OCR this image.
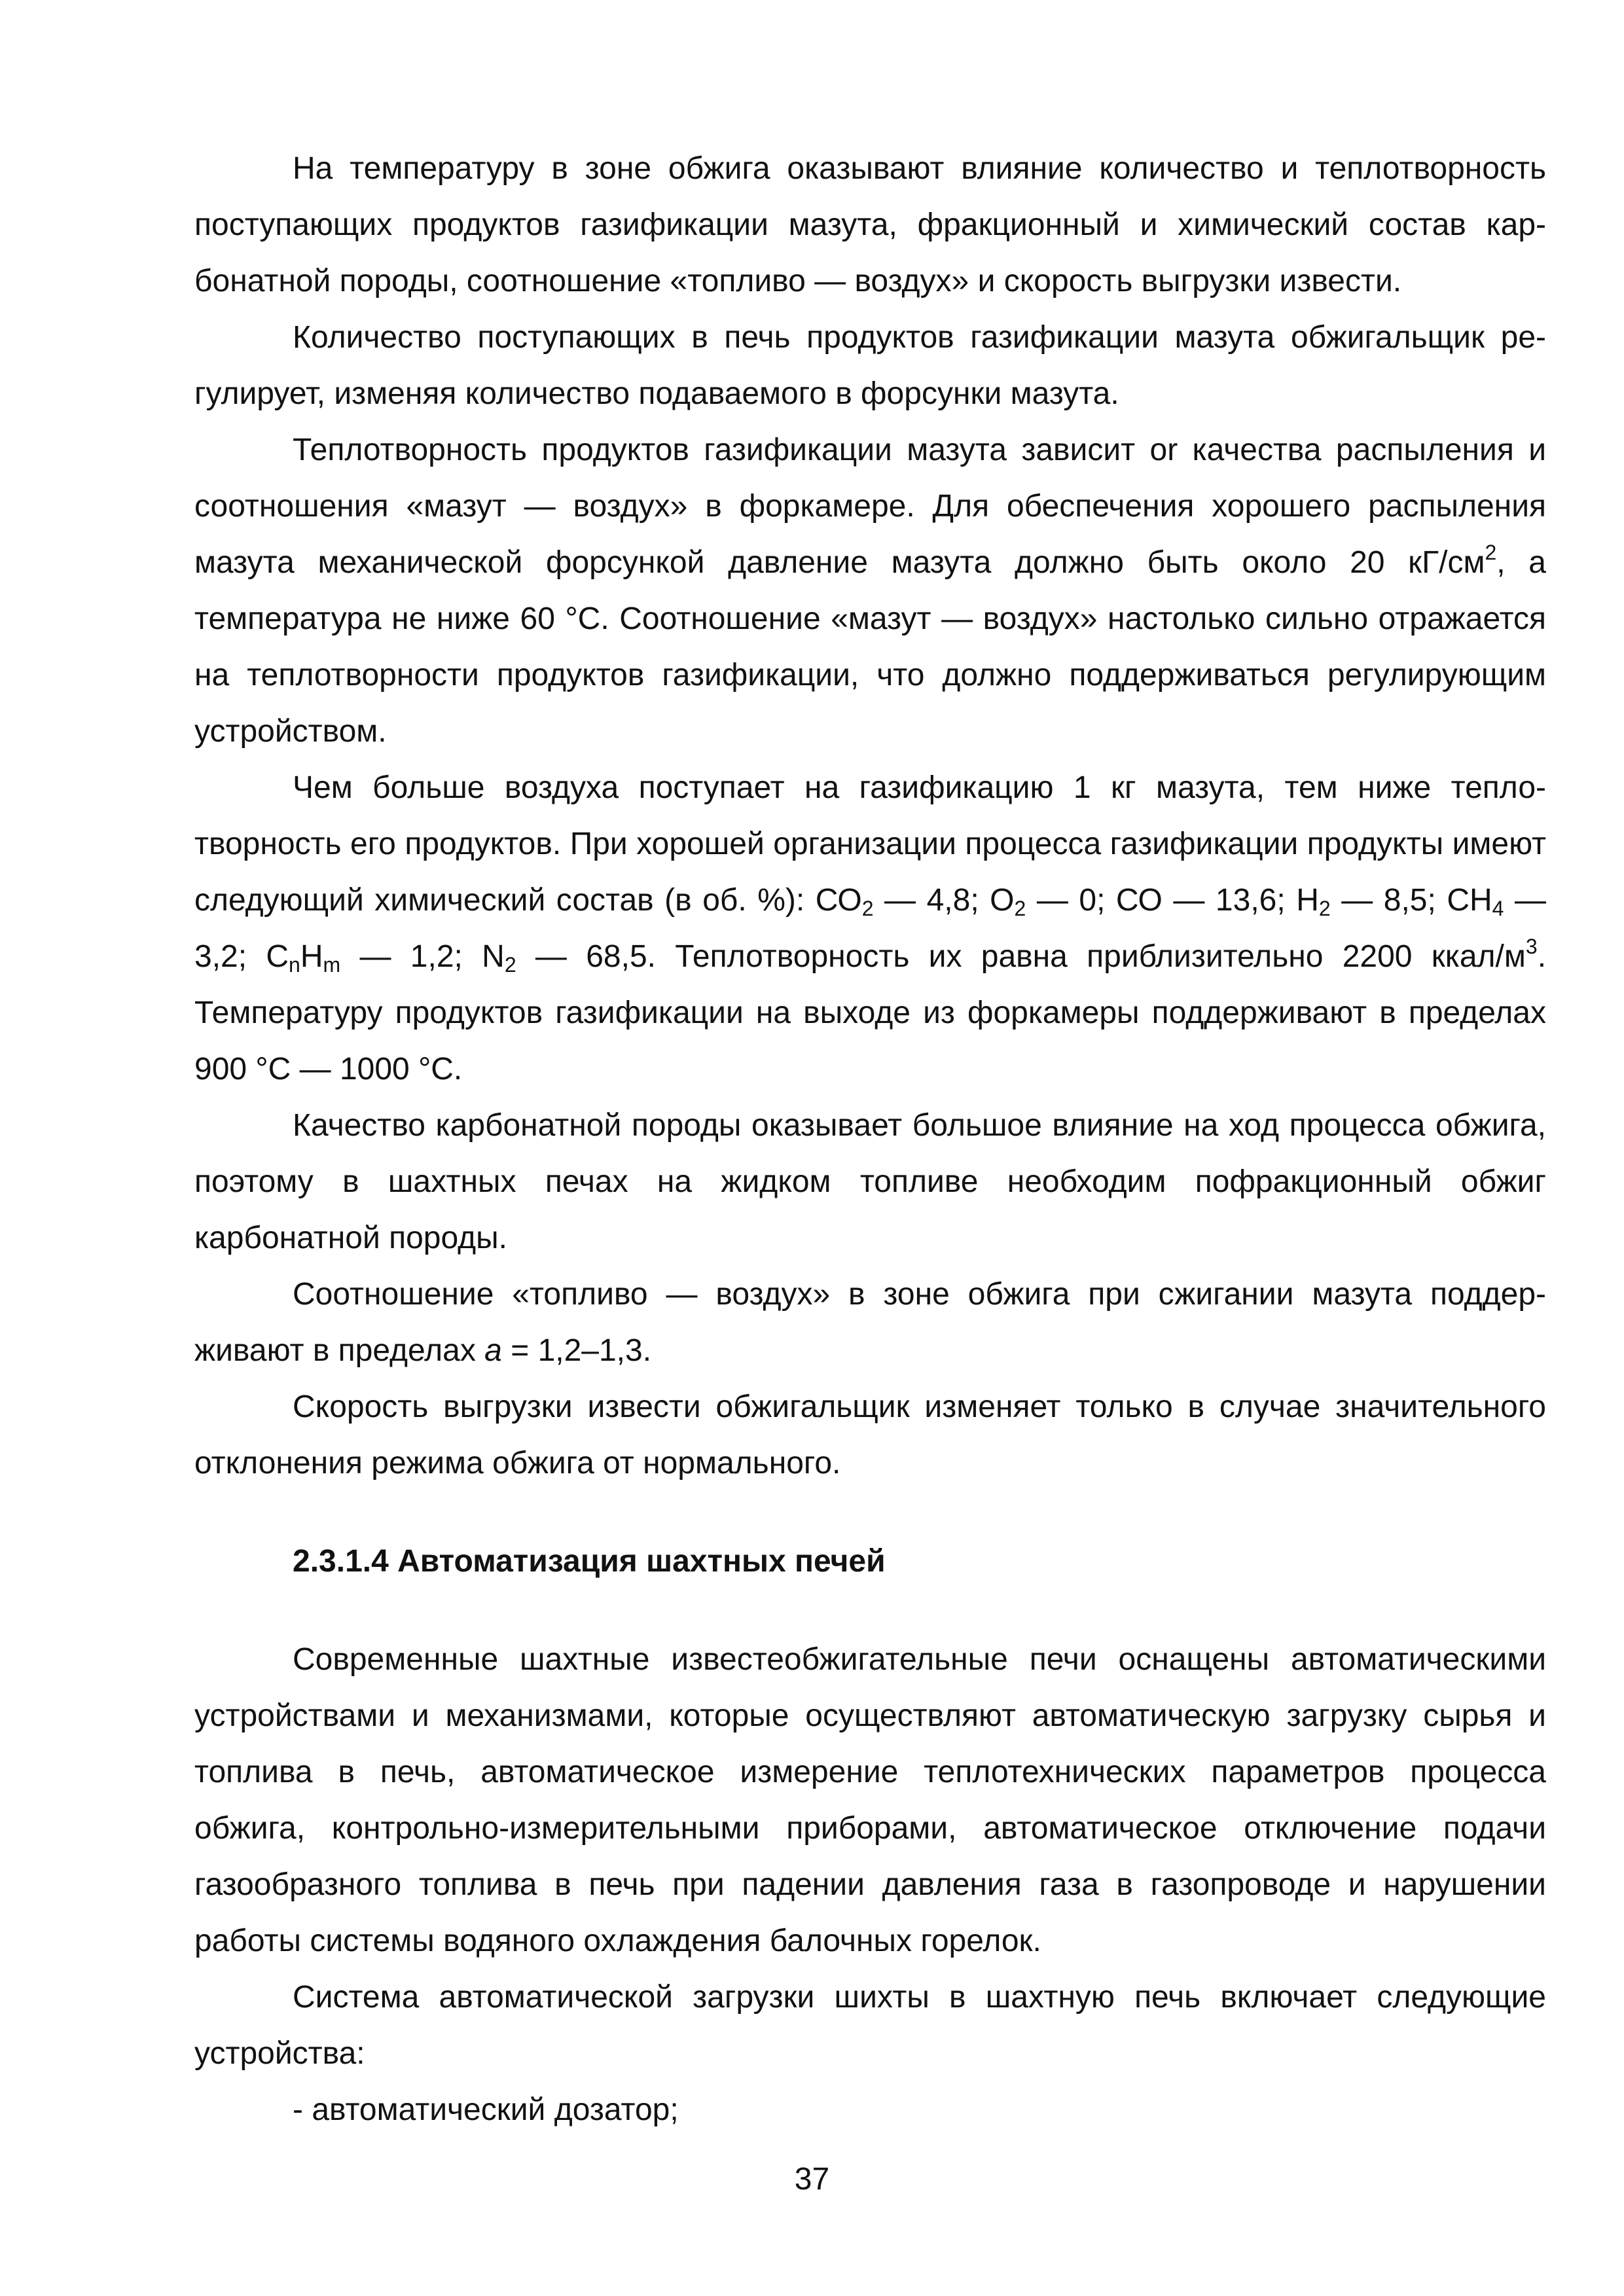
На температуру в зоне обжига оказывают влияние количество и теплотворность поступающих продуктов газификации мазута, фракционный и химический состав карбонатной породы, соотношение «топливо — воздух» и скорость выгрузки извести.

Количество поступающих в печь продуктов газификации мазута обжигальщик регулирует, изменяя количество подаваемого в форсунки мазута.

Теплотворность продуктов газификации мазута зависит or качества распыления и соотношения «мазут — воздух» в форкамере. Для обеспечения хорошего распыления мазута механической форсункой давление мазута должно быть около 20 $кГ/см^2$, а температура не ниже 60 °С. Соотношение «мазут — воздух» настолько сильно отражается на теплотворности продуктов газификации, что должно поддерживаться регулирующим устройством.

Чем больше воздуха поступает на газификацию 1 кг мазута, тем ниже теплотворность его продуктов. При хорошей организации процесса газификации продукты имеют следующий химический состав (в об. %): $СО_2$ — 4,8; $О_2$ — 0; СО — 13,6; $Н_2$ — 8,5; $СН_4$ — 3,2; $С_nН_m$ — 1,2; $N_2$ — 68,5. Теплотворность их равна приблизительно 2200 ккал/$м^3$. Температуру продуктов газификации на выходе из форкамеры поддерживают в пределах 900 °С — 1000 °С.

Качество карбонатной породы оказывает большое влияние на ход процесса обжига, поэтому в шахтных печах на жидком топливе необходим пофракционный обжиг карбонатной породы.

Соотношение «топливо — воздух» в зоне обжига при сжигании мазута поддерживают в пределах а = 1,2–1,3.

Скорость выгрузки извести обжигальщик изменяет только в случае значительного отклонения режима обжига от нормального.

2.3.1.4 Автоматизация шахтных печей

Современные шахтные известеобжигательные печи оснащены автоматическими устройствами и механизмами, которые осуществляют автоматическую загрузку сырья и топлива в печь, автоматическое измерение теплотехнических параметров процесса обжига, контрольно-измерительными приборами, автоматическое отключение подачи газообразного топлива в печь при падении давления газа в газопроводе и нарушении работы системы водяного охлаждения балочных горелок.

Система автоматической загрузки шихты в шахтную печь включает следующие устройства:

- автоматический дозатор;

37
